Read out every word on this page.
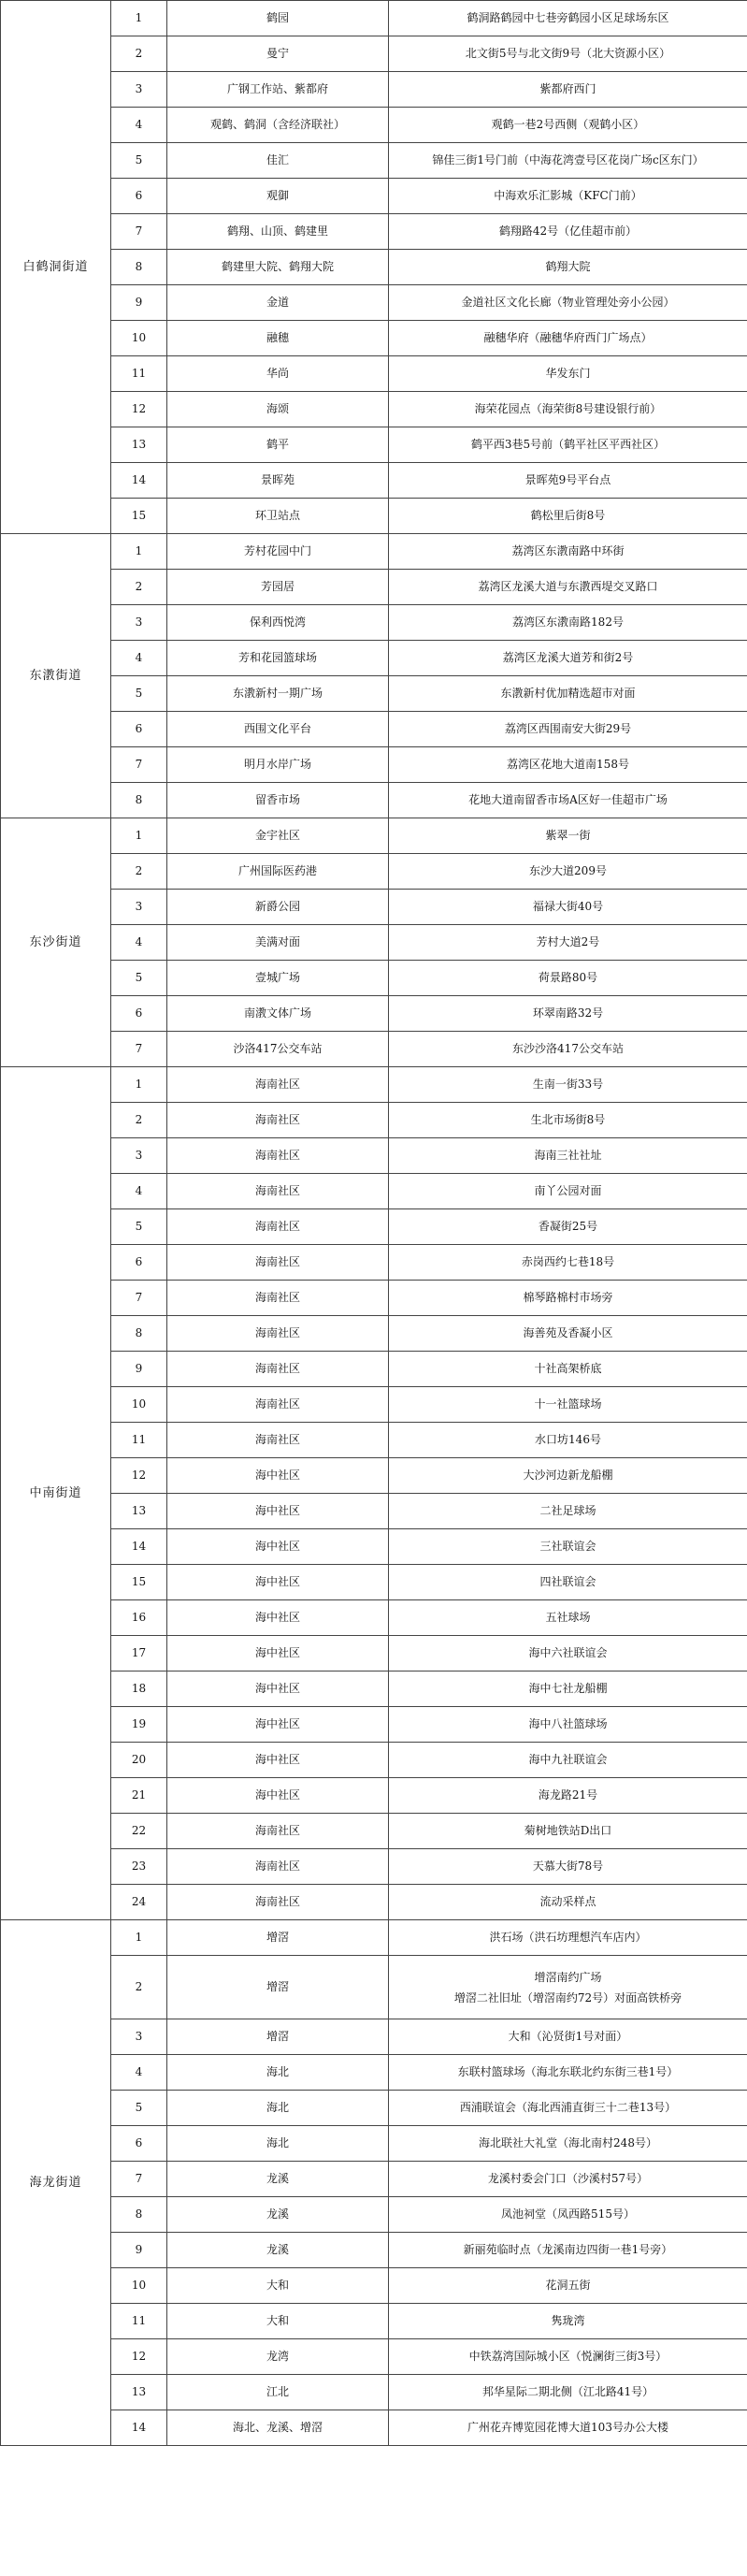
白鹤洞街道	1	鹤园	鹤洞路鹤园中七巷旁鹤园小区足球场东区

	2	曼宁	北文街5号与北文街9号（北大资源小区）

	3	广钢工作站、紫都府	紫都府西门

	4	观鹤、鹤洞（含经济联社）	观鹤一巷2号西侧（观鹤小区）

	5	佳汇	锦佳三街1号门前（中海花湾壹号区花岗广场c区东门）

	6	观御	中海欢乐汇影城（KFC门前）

	7	鹤翔、山顶、鹤建里	鹤翔路42号（亿佳超市前）

	8	鹤建里大院、鹤翔大院	鹤翔大院

	9	金道	金道社区文化长廊（物业管理处旁小公园）

	10	融穗	融穗华府（融穗华府西门广场点）

	11	华尚	华发东门

	12	海颂	海荣花园点（海荣街8号建设银行前）

	13	鹤平	鹤平西3巷5号前（鹤平社区平西社区）

	14	景晖苑	景晖苑9号平台点

	15	环卫站点	鹤松里后街8号

东漖街道	1	芳村花园中门	荔湾区东漖南路中环街

	2	芳园居	荔湾区龙溪大道与东漖西堤交叉路口

	3	保利西悦湾	荔湾区东漖南路182号

	4	芳和花园篮球场	荔湾区龙溪大道芳和街2号

	5	东漖新村一期广场	东漖新村优加精选超市对面

	6	西围文化平台	荔湾区西围南安大街29号

	7	明月水岸广场	荔湾区花地大道南158号

	8	留香市场	花地大道南留香市场A区好一佳超市广场

东沙街道	1	金宇社区	紫翠一街

	2	广州国际医药港	东沙大道209号

	3	新爵公园	福禄大街40号

	4	美满对面	芳村大道2号

	5	壹城广场	荷景路80号

	6	南漖文体广场	环翠南路32号

	7	沙洛417公交车站	东沙沙洛417公交车站

中南街道	1	海南社区	生南一街33号

	2	海南社区	生北市场街8号

	3	海南社区	海南三社社址

	4	海南社区	南丫公园对面

	5	海南社区	香凝街25号

	6	海南社区	赤岗西约七巷18号

	7	海南社区	棉琴路棉村市场旁

	8	海南社区	海善苑及香凝小区

	9	海南社区	十社高架桥底

	10	海南社区	十一社篮球场

	11	海南社区	水口坊146号

	12	海中社区	大沙河边新龙船棚

	13	海中社区	二社足球场

	14	海中社区	三社联谊会

	15	海中社区	四社联谊会

	16	海中社区	五社球场

	17	海中社区	海中六社联谊会

	18	海中社区	海中七社龙船棚

	19	海中社区	海中八社篮球场

	20	海中社区	海中九社联谊会

	21	海中社区	海龙路21号

	22	海南社区	菊树地铁站D出口

	23	海南社区	天慕大街78号

	24	海南社区	流动采样点

海龙街道	1	增滘	洪石场（洪石坊理想汽车店内）

	2	增滘	增滘南约广场
增滘二社旧址（增滘南约72号）对面高铁桥旁

	3	增滘	大和（沁贤街1号对面）

	4	海北	东联村篮球场（海北东联北约东街三巷1号）

	5	海北	西浦联谊会（海北西浦直街三十二巷13号）

	6	海北	海北联社大礼堂（海北南村248号）

	7	龙溪	龙溪村委会门口（沙溪村57号）

	8	龙溪	凤池祠堂（凤西路515号）

	9	龙溪	新丽苑临时点（龙溪南边四街一巷1号旁）

	10	大和	花洞五街

	11	大和	隽珑湾

	12	龙湾	中铁荔湾国际城小区（悦澜街三街3号）

	13	江北	邦华星际二期北侧（江北路41号）

	14	海北、龙溪、增滘	广州花卉博览园花博大道103号办公大楼
